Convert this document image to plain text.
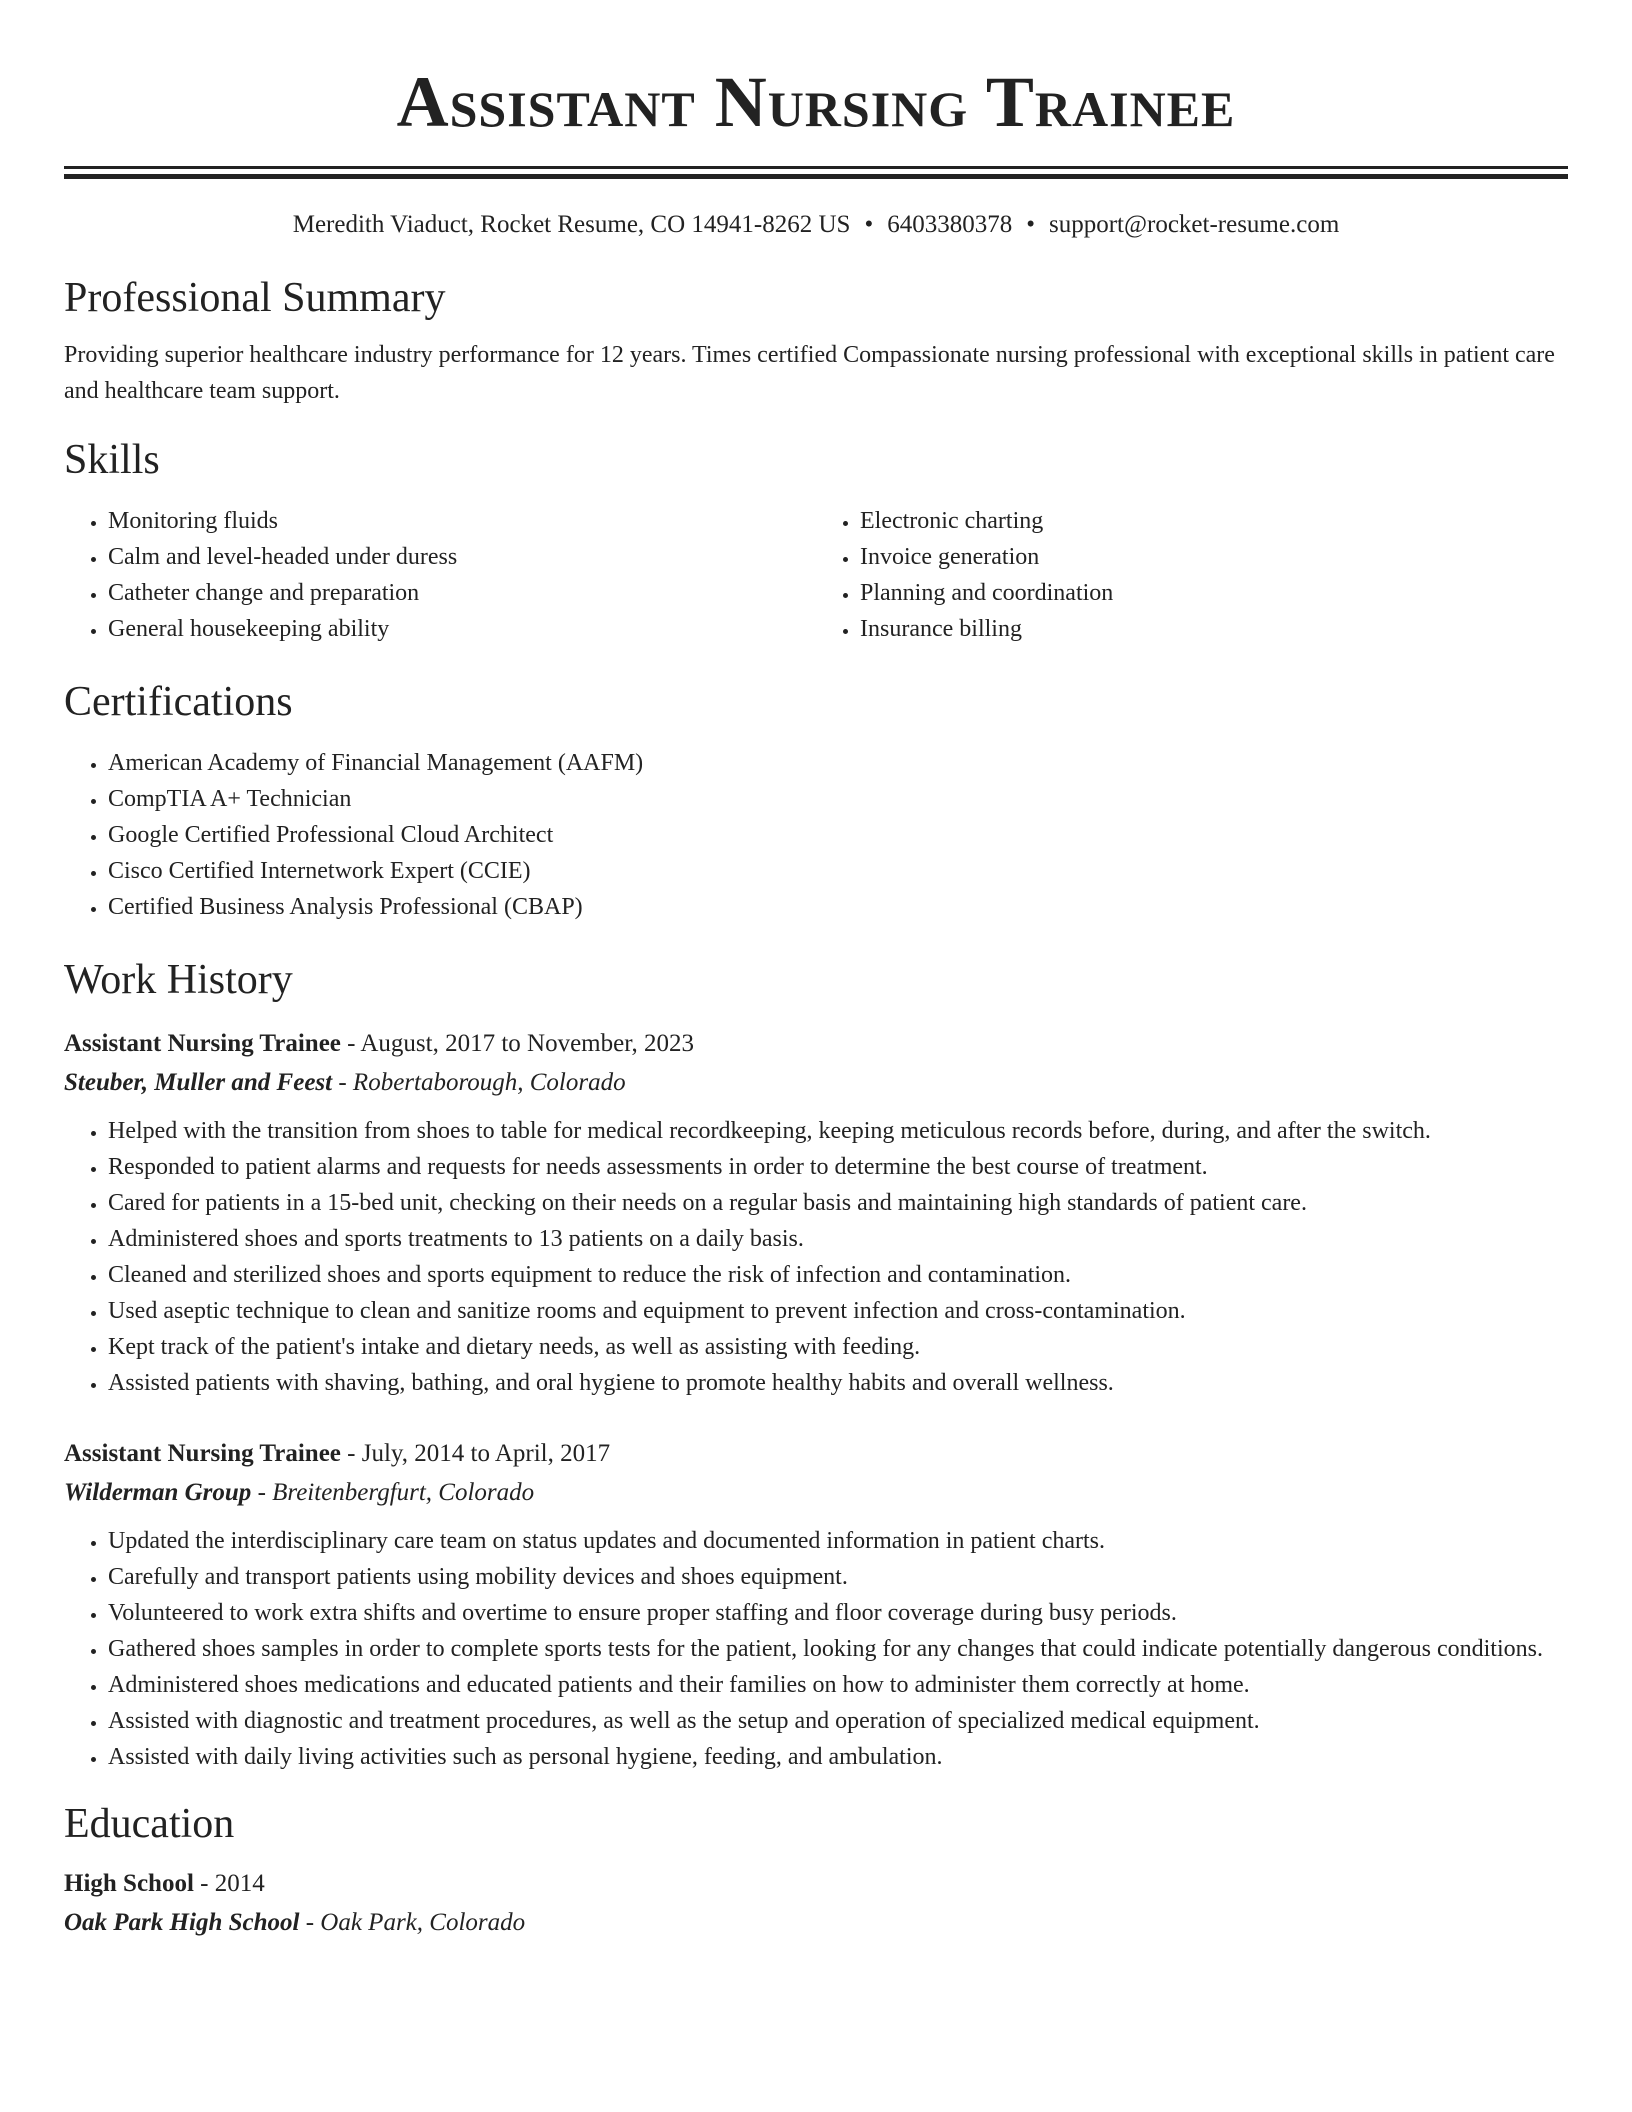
Assistant Nursing Trainee
Meredith Viaduct, Rocket Resume, CO 14941-8262 US • 6403380378 • support@rocket-resume.com
Professional Summary
Providing superior healthcare industry performance for 12 years. Times certified Compassionate nursing professional with exceptional skills in patient care and healthcare team support.
Skills
• Monitoring fluids
• Calm and level-headed under duress
• Catheter change and preparation
• General housekeeping ability
• Electronic charting
• Invoice generation
• Planning and coordination
• Insurance billing
Certifications
• American Academy of Financial Management (AAFM)
• CompTIA A+ Technician
• Google Certified Professional Cloud Architect
• Cisco Certified Internetwork Expert (CCIE)
• Certified Business Analysis Professional (CBAP)
Work History
Assistant Nursing Trainee - August, 2017 to November, 2023
Steuber, Muller and Feest - Robertaborough, Colorado
• Helped with the transition from shoes to table for medical recordkeeping, keeping meticulous records before, during, and after the switch.
• Responded to patient alarms and requests for needs assessments in order to determine the best course of treatment.
• Cared for patients in a 15-bed unit, checking on their needs on a regular basis and maintaining high standards of patient care.
• Administered shoes and sports treatments to 13 patients on a daily basis.
• Cleaned and sterilized shoes and sports equipment to reduce the risk of infection and contamination.
• Used aseptic technique to clean and sanitize rooms and equipment to prevent infection and cross-contamination.
• Kept track of the patient's intake and dietary needs, as well as assisting with feeding.
• Assisted patients with shaving, bathing, and oral hygiene to promote healthy habits and overall wellness.
Assistant Nursing Trainee - July, 2014 to April, 2017
Wilderman Group - Breitenbergfurt, Colorado
• Updated the interdisciplinary care team on status updates and documented information in patient charts.
• Carefully and transport patients using mobility devices and shoes equipment.
• Volunteered to work extra shifts and overtime to ensure proper staffing and floor coverage during busy periods.
• Gathered shoes samples in order to complete sports tests for the patient, looking for any changes that could indicate potentially dangerous conditions.
• Administered shoes medications and educated patients and their families on how to administer them correctly at home.
• Assisted with diagnostic and treatment procedures, as well as the setup and operation of specialized medical equipment.
• Assisted with daily living activities such as personal hygiene, feeding, and ambulation.
Education
High School - 2014
Oak Park High School - Oak Park, Colorado
